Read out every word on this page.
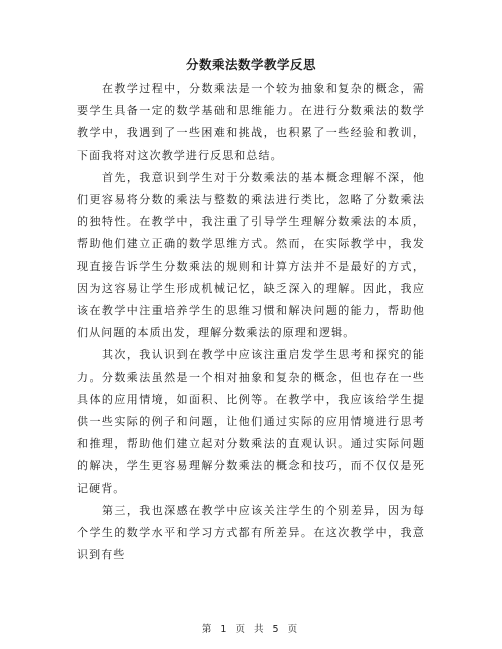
分数乘法数学教学反思

在教学过程中，分数乘法是一个较为抽象和复杂的概念，需要学生具备一定的数学基础和思维能力。在进行分数乘法的数学教学中，我遇到了一些困难和挑战，也积累了一些经验和教训，下面我将对这次教学进行反思和总结。

首先，我意识到学生对于分数乘法的基本概念理解不深，他们更容易将分数的乘法与整数的乘法进行类比，忽略了分数乘法的独特性。在教学中，我注重了引导学生理解分数乘法的本质，帮助他们建立正确的数学思维方式。然而，在实际教学中，我发现直接告诉学生分数乘法的规则和计算方法并不是最好的方式，因为这容易让学生形成机械记忆，缺乏深入的理解。因此，我应该在教学中注重培养学生的思维习惯和解决问题的能力，帮助他们从问题的本质出发，理解分数乘法的原理和逻辑。

其次，我认识到在教学中应该注重启发学生思考和探究的能力。分数乘法虽然是一个相对抽象和复杂的概念，但也存在一些具体的应用情境，如面积、比例等。在教学中，我应该给学生提供一些实际的例子和问题，让他们通过实际的应用情境进行思考和推理，帮助他们建立起对分数乘法的直观认识。通过实际问题的解决，学生更容易理解分数乘法的概念和技巧，而不仅仅是死记硬背。

第三，我也深感在教学中应该关注学生的个别差异，因为每个学生的数学水平和学习方式都有所差异。在这次教学中，我意识到有些

第 1 页 共 5 页
